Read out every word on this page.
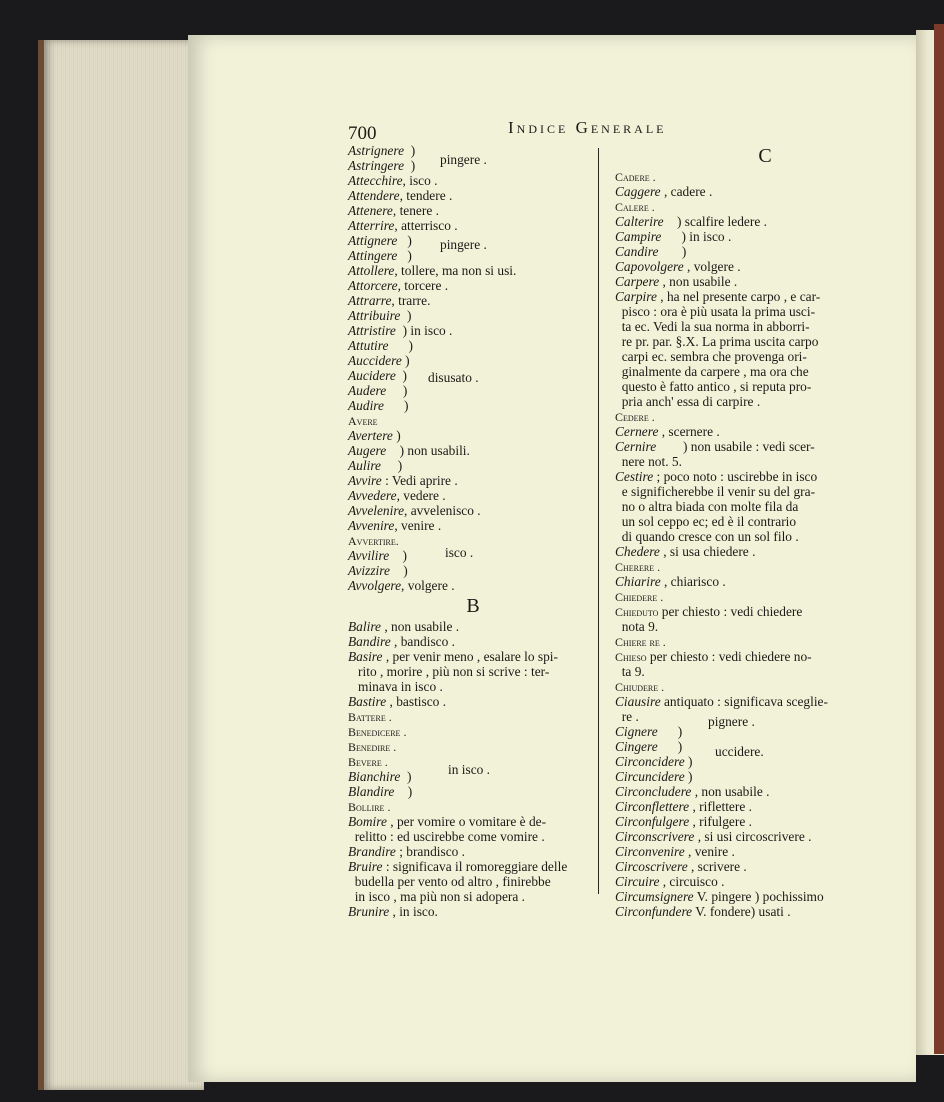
700	Indice Generale
Astrignere  )
Astringere  )
Attecchire, isco .
Attendere, tendere .
Attenere, tenere .
Atterrire, atterrisco .
Attignere   )
Attingere   )
Attollere, tollere, ma non si usi.
Attorcere, torcere .
Attrarre, trarre.
Attribuire  )
Attristire  ) in isco .
Attutire      )
Auccidere )
Aucidere  )
Audere     )
Audire      )
Avere
Avertere )
Augere    ) non usabili.
Aulire     )
Avvire : Vedi aprire .
Avvedere, vedere .
Avvelenire, avvelenisco .
Avvenire, venire .
Avvertire.
Avvilire    )
Avizzire    )
Avvolgere, volgere .
B
Balire , non usabile .
Bandire , bandisco .
Basire , per venir meno , esalare lo spi-
rito , morire , più non si scrive : ter-
minava in isco .
Bastire , bastisco .
Battere .
Benedicere .
Benedire .
Bevere .
Bianchire  )
Blandire    )
Bollire .
Bomire , per vomire o vomitare è de-
relitto : ed uscirebbe come vomire .
Brandire ; brandisco .
Bruire : significava il romoreggiare delle
budella per vento od altro , finirebbe
in isco , ma più non si adopera .
Brunire , in isco.
C
Cadere .
Caggere , cadere .
Calere .
Calterire    ) scalfire ledere .
Campire      ) in isco .
Candire       )
Capovolgere , volgere .
Carpere , non usabile .
Carpire , ha nel presente carpo , e car-
pisco : ora è più usata la prima usci-
ta ec. Vedi la sua norma in abborri-
re pr. par. §.X. La prima uscita carpo
carpi ec. sembra che provenga ori-
ginalmente da carpere , ma ora che
questo è fatto antico , si reputa pro-
pria anch' essa di carpire .
Cedere .
Cernere , scernere .
Cernire        ) non usabile : vedi scer-
nere not. 5.
Cestire ; poco noto : uscirebbe in isco
e significherebbe il venir su del gra-
no o altra biada con molte fila da
un sol ceppo ec; ed è il contrario
di quando cresce con un sol filo .
Chedere , si usa chiedere .
Cherere .
Chiarire , chiarisco .
Chiedere .
Chieduto per chiesto : vedi chiedere
nota 9.
Chiere re .
Chieso per chiesto : vedi chiedere no-
ta 9.
Chiudere .
Ciausire antiquato : significava sceglie-
re .
Cignere      )
Cingere      )
Circoncidere )
Circuncidere )
Circoncludere , non usabile .
Circonflettere , riflettere .
Circonfulgere , rifulgere .
Circonscrivere , si usi circoscrivere .
Circonvenire , venire .
Circoscrivere , scrivere .
Circuire , circuisco .
Circumsignere V. pingere ) pochissimo
Circonfundere V. fondere) usati .
pingere .
pingere .
disusato .
isco .
in isco .
pignere .
uccidere.
